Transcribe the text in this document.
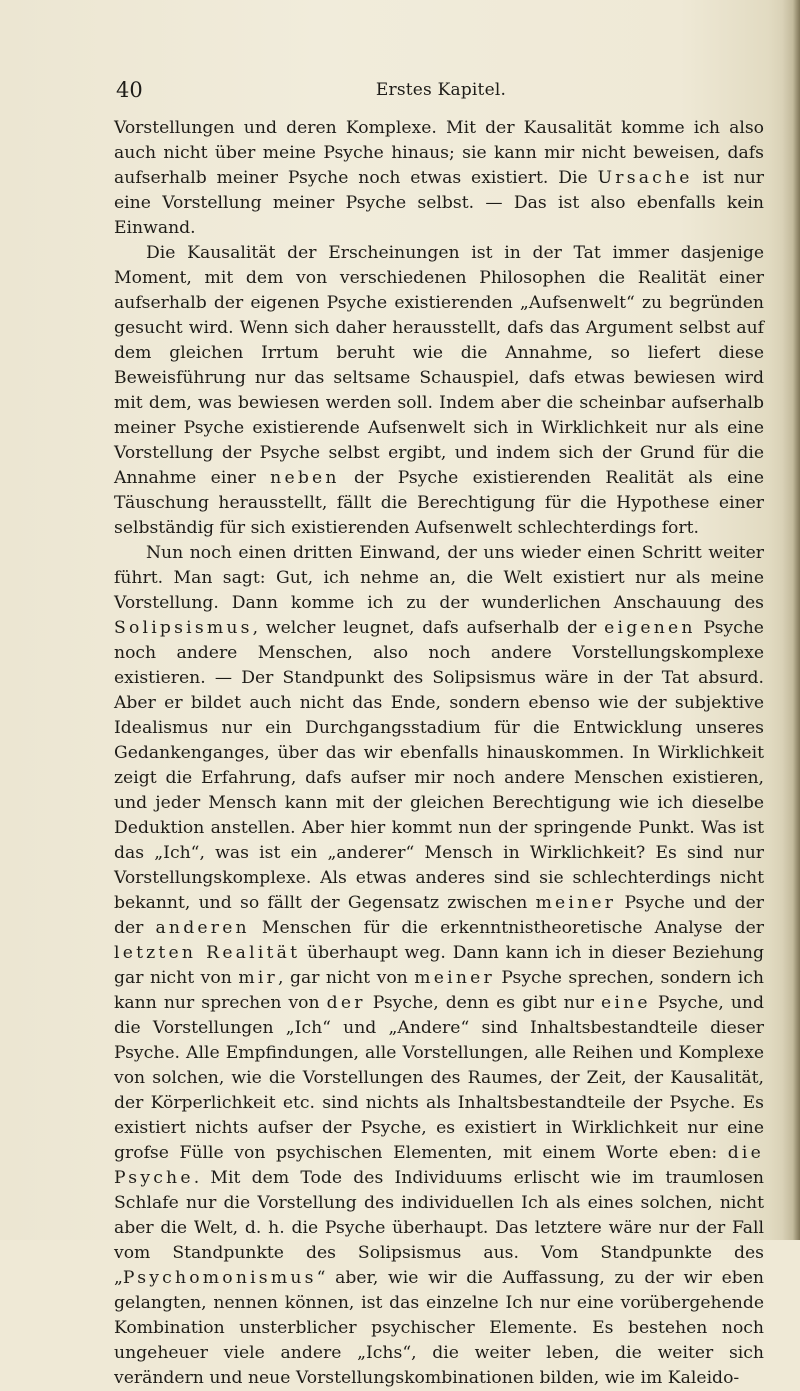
40	Erstes Kapitel.

Vorstellungen und deren Komplexe. Mit der Kausalität komme ich also auch nicht über meine Psyche hinaus; sie kann mir nicht beweisen, dafs aufserhalb meiner Psyche noch etwas existiert. Die Ursache ist nur eine Vorstellung meiner Psyche selbst. — Das ist also ebenfalls kein Einwand.

Die Kausalität der Erscheinungen ist in der Tat immer dasjenige Moment, mit dem von verschiedenen Philosophen die Realität einer aufserhalb der eigenen Psyche existierenden „Aufsenwelt“ zu begründen gesucht wird. Wenn sich daher herausstellt, dafs das Argument selbst auf dem gleichen Irrtum beruht wie die Annahme, so liefert diese Beweisführung nur das seltsame Schauspiel, dafs etwas bewiesen wird mit dem, was bewiesen werden soll. Indem aber die scheinbar aufserhalb meiner Psyche existierende Aufsenwelt sich in Wirklichkeit nur als eine Vorstellung der Psyche selbst ergibt, und indem sich der Grund für die Annahme einer neben der Psyche existierenden Realität als eine Täuschung herausstellt, fällt die Berechtigung für die Hypothese einer selbständig für sich existierenden Aufsenwelt schlechterdings fort.

Nun noch einen dritten Einwand, der uns wieder einen Schritt weiter führt. Man sagt: Gut, ich nehme an, die Welt existiert nur als meine Vorstellung. Dann komme ich zu der wunderlichen Anschauung des Solipsismus, welcher leugnet, dafs aufserhalb der eigenen Psyche noch andere Menschen, also noch andere Vorstellungskomplexe existieren. — Der Standpunkt des Solipsismus wäre in der Tat absurd. Aber er bildet auch nicht das Ende, sondern ebenso wie der subjektive Idealismus nur ein Durchgangsstadium für die Entwicklung unseres Gedankenganges, über das wir ebenfalls hinauskommen. In Wirklichkeit zeigt die Erfahrung, dafs aufser mir noch andere Menschen existieren, und jeder Mensch kann mit der gleichen Berechtigung wie ich dieselbe Deduktion anstellen. Aber hier kommt nun der springende Punkt. Was ist das „Ich“, was ist ein „anderer“ Mensch in Wirklichkeit? Es sind nur Vorstellungskomplexe. Als etwas anderes sind sie schlechterdings nicht bekannt, und so fällt der Gegensatz zwischen meiner Psyche und der der anderen Menschen für die erkenntnistheoretische Analyse der letzten Realität überhaupt weg. Dann kann ich in dieser Beziehung gar nicht von mir, gar nicht von meiner Psyche sprechen, sondern ich kann nur sprechen von der Psyche, denn es gibt nur eine Psyche, und die Vorstellungen „Ich“ und „Andere“ sind Inhaltsbestandteile dieser Psyche. Alle Empfindungen, alle Vorstellungen, alle Reihen und Komplexe von solchen, wie die Vorstellungen des Raumes, der Zeit, der Kausalität, der Körperlichkeit etc. sind nichts als Inhaltsbestandteile der Psyche. Es existiert nichts aufser der Psyche, es existiert in Wirklichkeit nur eine grofse Fülle von psychischen Elementen, mit einem Worte eben: die Psyche. Mit dem Tode des Individuums erlischt wie im traumlosen Schlafe nur die Vorstellung des individuellen Ich als eines solchen, nicht aber die Welt, d. h. die Psyche überhaupt. Das letztere wäre nur der Fall vom Standpunkte des Solipsismus aus. Vom Standpunkte des „Psychomonismus“ aber, wie wir die Auffassung, zu der wir eben gelangten, nennen können, ist das einzelne Ich nur eine vorübergehende Kombination unsterblicher psychischer Elemente. Es bestehen noch ungeheuer viele andere „Ichs“, die weiter leben, die weiter sich verändern und neue Vorstellungskombinationen bilden, wie im Kaleido-
